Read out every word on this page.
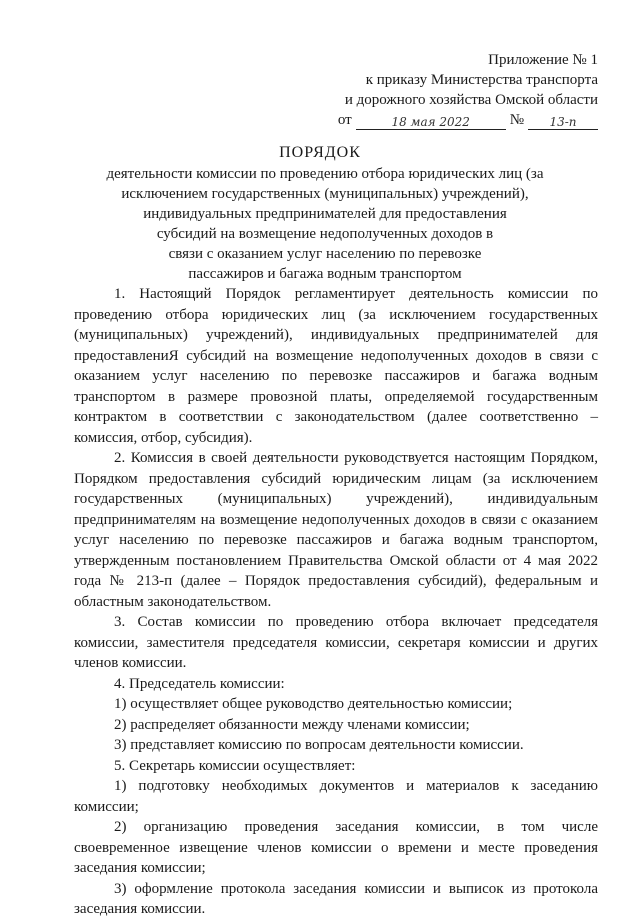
Приложение № 1
к приказу Министерства транспорта
и дорожного хозяйства Омской области
от	18 мая 2022	№	13-п
ПОРЯДОК
деятельности комиссии по проведению отбора юридических лиц (за
исключением государственных (муниципальных) учреждений),
индивидуальных предпринимателей для предоставления
субсидий на возмещение недополученных доходов в
связи с оказанием услуг населению по перевозке
пассажиров и багажа водным транспортом

1. Настоящий Порядок регламентирует деятельность комиссии по проведению отбора юридических лиц (за исключением государственных (муниципальных) учреждений), индивидуальных предпринимателей для предоставлениЯ субсидий на возмещение недополученных доходов в связи с оказанием услуг населению по перевозке пассажиров и багажа водным транспортом в размере провозной платы, определяемой государственным контрактом в соответствии с законодательством (далее соответственно – комиссия, отбор, субсидия).

2. Комиссия в своей деятельности руководствуется настоящим Порядком, Порядком предоставления субсидий юридическим лицам (за исключением государственных (муниципальных) учреждений), индивидуальным предпринимателям на возмещение недополученных доходов в связи с оказанием услуг населению по перевозке пассажиров и багажа водным транспортом, утвержденным постановлением Правительства Омской области от 4 мая 2022 года № 213-п (далее – Порядок предоставления субсидий), федеральным и областным законодательством.

3. Состав комиссии по проведению отбора включает председателя комиссии, заместителя председателя комиссии, секретаря комиссии и других членов комиссии.

4. Председатель комиссии:

1) осуществляет общее руководство деятельностью комиссии;

2) распределяет обязанности между членами комиссии;

3) представляет комиссию по вопросам деятельности комиссии.

5. Секретарь комиссии осуществляет:

1) подготовку необходимых документов и материалов к заседанию комиссии;

2) организацию проведения заседания комиссии, в том числе своевременное извещение членов комиссии о времени и месте проведения заседания комиссии;

3) оформление протокола заседания комиссии и выписок из протокола заседания комиссии.
